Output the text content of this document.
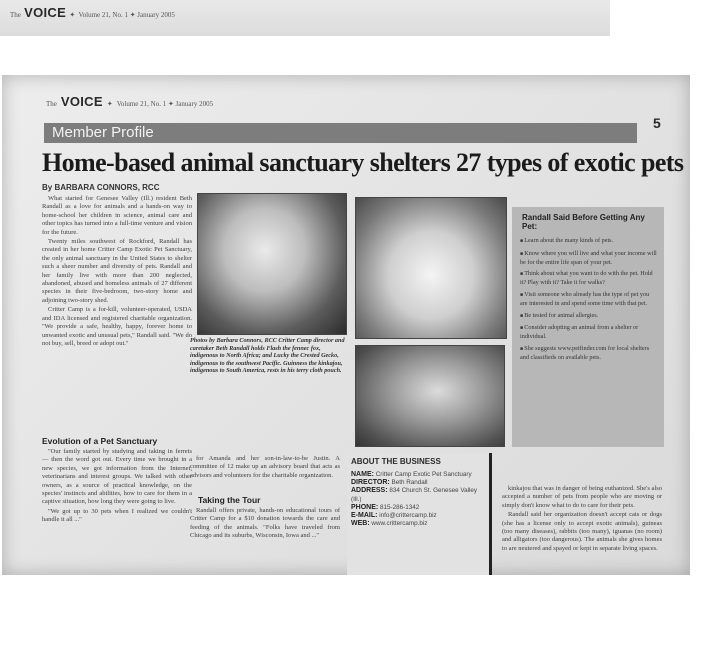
The VOICE ✦ Volume 21, No. 1 ✦ January 2005
The VOICE ✦ Volume 21, No. 1 ✦ January 2005
Member Profile
5
Home-based animal sanctuary shelters 27 types of exotic pets
By BARBARA CONNORS, RCC

What started for Genesee Valley (Ill.) resident Beth Randall as a love for animals and a hands-on way to home-school her children in science, animal care and other topics has turned into a full-time venture and vision for the future.

Twenty miles southwest of Rockford, Randall has created in her home Critter Camp Exotic Pet Sanctuary, the only animal sanctuary in the United States to shelter such a sheer number and diversity of pets. Randall and her family live with more than 200 neglected, abandoned, abused and homeless animals of 27 different species in their five-bedroom, two-story home and adjoining two-story shed.

Critter Camp is a for-kill, volunteer-operated, USDA and IDA licensed and registered charitable organization. "We provide a safe, healthy, happy, forever home to unwanted exotic and unusual pets," Randall said. "We do not buy, sell, breed or adopt out."

Evolution of a Pet Sanctuary

"Our family started by studying and taking in ferrets — then the word got out. Every time we brought in a new species, we got information from the Internet, veterinarians and interest groups. We talked with other owners, as a source of practical knowledge, on the species' instincts and abilities, how to care for them in a captive situation, how long they were going to live.

"We got up to 30 pets when I realized we couldn't handle it all ..."

Photos by Barbara Connors, RCC Critter Camp director and caretaker Beth Randall holds Flash the fennec fox, indigenous to North Africa; and Lucky the Crested Gecko, indigenous to the southwest Pacific. Guinness the kinkajou, indigenous to South America, rests in his terry cloth pouch.

for Amanda and her son-in-law-to-be Justin. A committee of 12 make up an advisory board that acts as advisors and volunteers for the charitable organization.

Taking the Tour

Randall offers private, hands-on educational tours of Critter Camp for a $10 donation towards the care and feeding of the animals. "Folks have traveled from Chicago and its suburbs, Wisconsin, Iowa and ..."

Randall Said Before Getting Any Pet:
■ Learn about the many kinds of pets.
■ Know where you will live and what your income will be for the entire life span of your pet.
■ Think about what you want to do with the pet. Hold it? Play with it? Take it for walks?
■ Visit someone who already has the type of pet you are interested in and spend some time with that pet.
■ Be tested for animal allergies.
■ Consider adopting an animal from a shelter or individual.
■ She suggests www.petfinder.com for local shelters and classifieds on available pets.
ABOUT THE BUSINESS
NAME: Critter Camp Exotic Pet Sanctuary
DIRECTOR: Beth Randall
ADDRESS: 834 Church St. Genesee Valley (Ill.)
PHONE: 815-286-1342
E-MAIL: info@crittercamp.biz
WEB: www.crittercamp.biz

kinkajou that was in danger of being euthanized. She's also accepted a number of pets from people who are moving or simply don't know what to do to care for their pets.

Randall said her organization doesn't accept cats or dogs (she has a license only to accept exotic animals), guineas (too many diseases), rabbits (too many), iguanas (no room) and alligators (too dangerous). The animals she gives homes to are neutered and spayed or kept in separate living spaces.
